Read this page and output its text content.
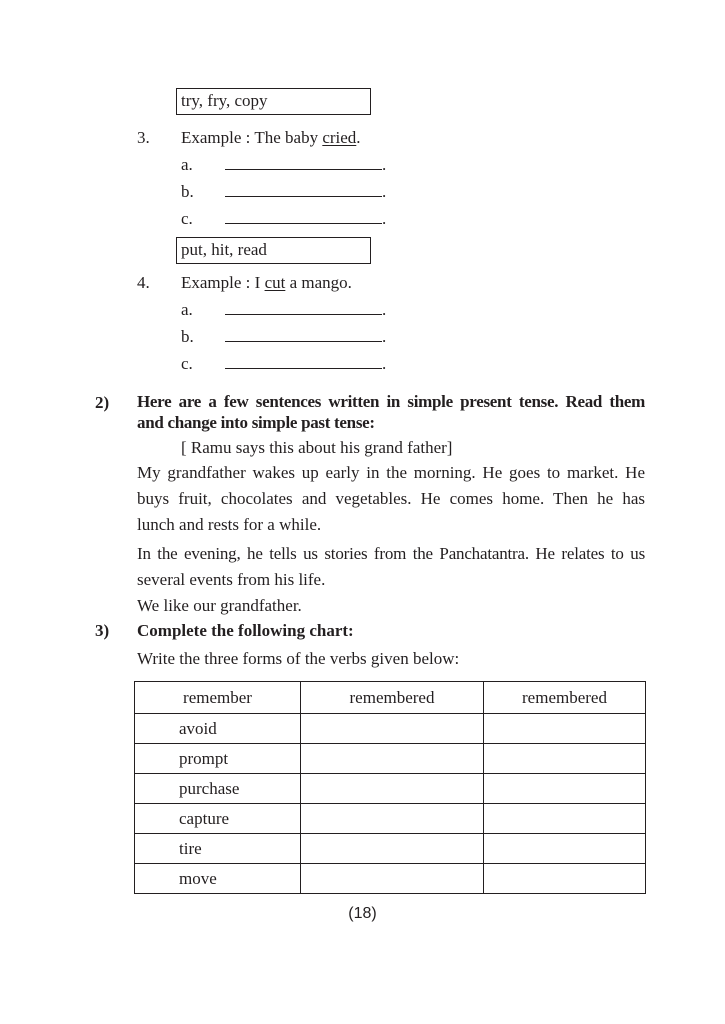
try, fry, copy
3. Example : The baby cried.
a.	.
b.	.
c.	.
put, hit, read
4. Example : I cut a mango.
a.	.
b.	.
c.	.
2) Here are a few sentences written in simple present tense. Read them
and change into simple past tense:
[ Ramu says this about his grand father]
My grandfather wakes up early in the morning. He goes to market. He
buys fruit, chocolates and vegetables. He comes home. Then he has
lunch and rests for a while.
In the evening, he tells us stories from the Panchatantra. He relates to us
several events from his life.
We like our grandfather.
3) Complete the following chart:
Write the three forms of the verbs given below:
remember	remembered	remembered
avoid		
prompt		
purchase		
capture		
tire		
move		
(18)
